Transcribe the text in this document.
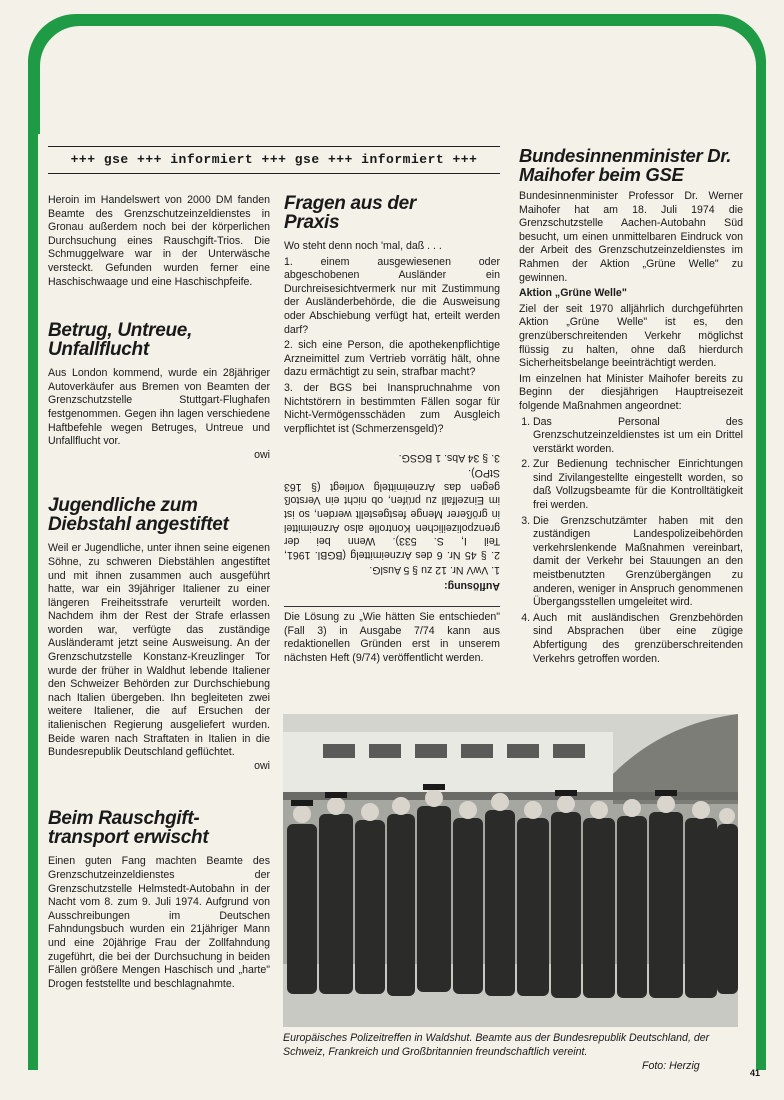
+++ gse +++ informiert +++ gse +++ informiert +++

Heroin im Handelswert von 2000 DM fanden Beamte des Grenzschutzeinzeldienstes in Gronau außerdem noch bei der körperlichen Durchsuchung eines Rauschgift-Trios. Die Schmuggelware war in der Unterwäsche versteckt. Gefunden wurden ferner eine Haschischwaage und eine Haschischpfeife.

Betrug, Untreue, Unfallflucht

Aus London kommend, wurde ein 28jähriger Autoverkäufer aus Bremen von Beamten der Grenzschutzstelle Stuttgart-Flughafen festgenommen. Gegen ihn lagen verschiedene Haftbefehle wegen Betruges, Untreue und Unfallflucht vor.

owi
Jugendliche zum Diebstahl angestiftet

Weil er Jugendliche, unter ihnen seine eigenen Söhne, zu schweren Diebstählen angestiftet und mit ihnen zusammen auch ausgeführt hatte, war ein 39jähriger Italiener zu einer längeren Freiheitsstrafe verurteilt worden. Nachdem ihm der Rest der Strafe erlassen worden war, verfügte das zuständige Ausländeramt jetzt seine Ausweisung. An der Grenzschutzstelle Konstanz-Kreuzlinger Tor wurde der früher in Waldhut lebende Italiener den Schweizer Behörden zur Durchschiebung nach Italien übergeben. Ihn begleiteten zwei weitere Italiener, die auf Ersuchen der italienischen Regierung ausgeliefert wurden. Beide waren nach Straftaten in Italien in die Bundesrepublik Deutschland geflüchtet.

owi
Beim Rauschgift-transport erwischt

Einen guten Fang machten Beamte des Grenzschutzeinzeldienstes der Grenzschutzstelle Helmstedt-Autobahn in der Nacht vom 8. zum 9. Juli 1974. Aufgrund von Ausschreibungen im Deutschen Fahndungsbuch wurden ein 21jähriger Mann und eine 20jährige Frau der Zollfahndung zugeführt, die bei der Durchsuchung in beiden Fällen größere Mengen Haschisch und „harte" Drogen feststellte und beschlagnahmte.

Fragen aus der Praxis

Wo steht denn noch 'mal, daß . . .

1. einem ausgewiesenen oder abgeschobenen Ausländer ein Durchreisesichtvermerk nur mit Zustimmung der Ausländerbehörde, die die Ausweisung oder Abschiebung verfügt hat, erteilt werden darf?

2. sich eine Person, die apothekenpflichtige Arzneimittel zum Vertrieb vorrätig hält, ohne dazu ermächtigt zu sein, strafbar macht?

3. der BGS bei Inanspruchnahme von Nichtstörern in bestimmten Fällen sogar für Nicht-Vermögensschäden zum Ausgleich verpflichtet ist (Schmerzensgeld)?

Auflösung:

1. VwV Nr. 12 zu § 5 AuslG.

2. § 45 Nr. 6 des Arzneimittelg (BGBl. 1961, Teil I, S. 533). Wenn bei der grenzpolizeilichen Kontrolle also Arzneimittel in größerer Menge festgestellt werden, so ist im Einzelfall zu prüfen, ob nicht ein Verstoß gegen das Arzneimittelg vorliegt (§ 163 StPO).

3. § 34 Abs. 1 BGSG.

Die Lösung zu „Wie hätten Sie entschieden" (Fall 3) in Ausgabe 7/74 kann aus redaktionellen Gründen erst in unserem nächsten Heft (9/74) veröffentlicht werden.

Bundesinnenminister Dr. Maihofer beim GSE

Bundesinnenminister Professor Dr. Werner Maihofer hat am 18. Juli 1974 die Grenzschutzstelle Aachen-Autobahn Süd besucht, um einen unmittelbaren Eindruck von der Arbeit des Grenzschutzeinzeldienstes im Rahmen der Aktion „Grüne Welle" zu gewinnen.

Aktion „Grüne Welle"

Ziel der seit 1970 alljährlich durchgeführten Aktion „Grüne Welle" ist es, den grenzüberschreitenden Verkehr möglichst flüssig zu halten, ohne daß hierdurch Sicherheitsbelange beeinträchtigt werden.

Im einzelnen hat Minister Maihofer bereits zu Beginn der diesjährigen Hauptreisezeit folgende Maßnahmen angeordnet:

1. Das Personal des Grenzschutzeinzeldienstes ist um ein Drittel verstärkt worden.
2. Zur Bedienung technischer Einrichtungen sind Zivilangestellte eingestellt worden, so daß Vollzugsbeamte für die Kontrolltätigkeit frei werden.
3. Die Grenzschutzämter haben mit den zuständigen Landespolizeibehörden verkehrslenkende Maßnahmen vereinbart, damit der Verkehr bei Stauungen an den meistbenutzten Grenzübergängen zu anderen, weniger in Anspruch genommenen Übergangsstellen umgeleitet wird.
4. Auch mit ausländischen Grenzbehörden sind Absprachen über eine zügige Abfertigung des grenzüberschreitenden Verkehrs getroffen worden.
Europäisches Polizeitreffen in Waldshut. Beamte aus der Bundesrepublik Deutschland, der Schweiz, Frankreich und Großbritannien freundschaftlich vereint.
Foto: Herzig
41
